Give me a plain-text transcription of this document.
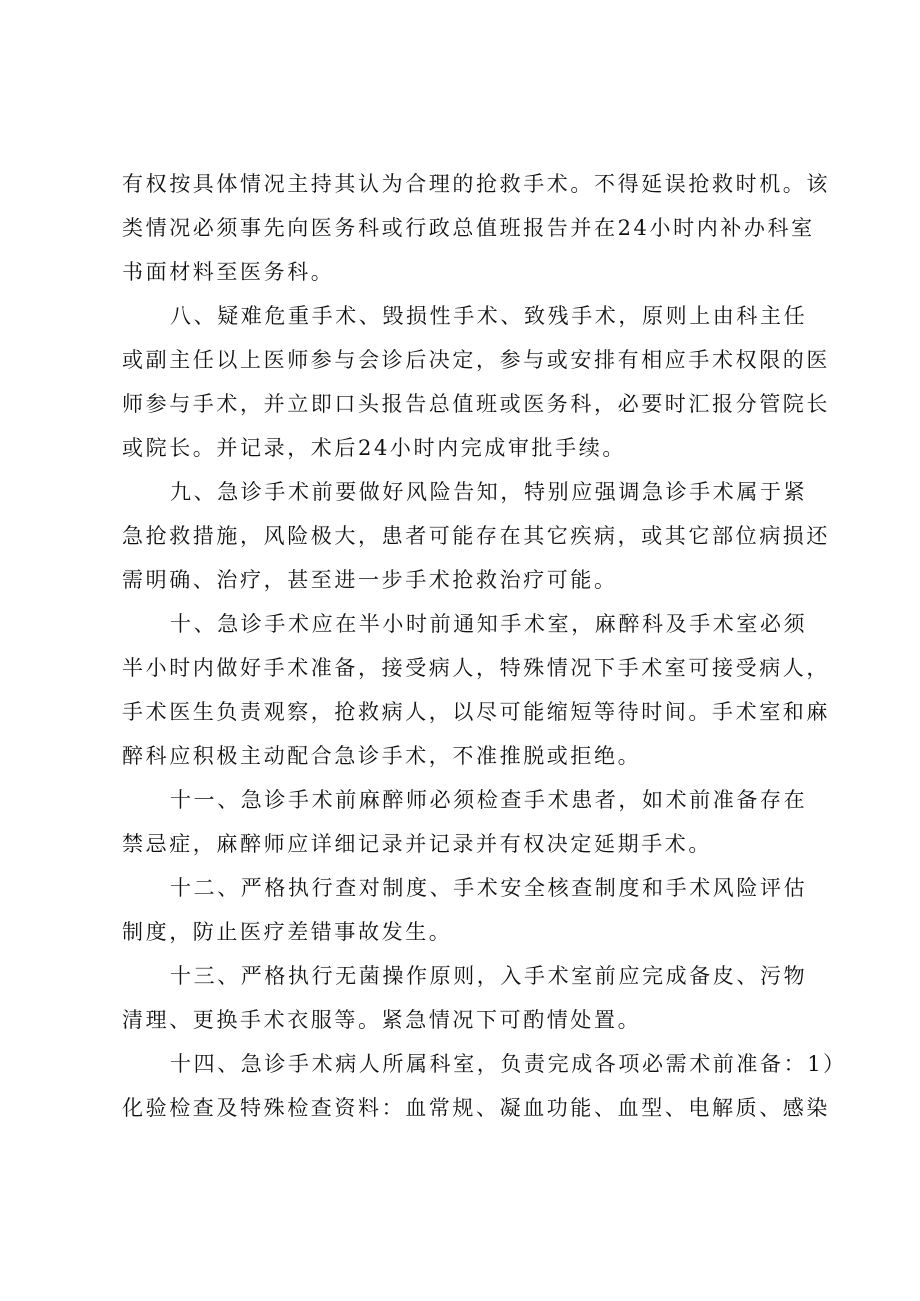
有权按具体情况主持其认为合理的抢救手术。不得延误抢救时机。该
类情况必须事先向医务科或行政总值班报告并在24小时内补办科室
书面材料至医务科。
八、疑难危重手术、毁损性手术、致残手术，原则上由科主任
或副主任以上医师参与会诊后决定，参与或安排有相应手术权限的医
师参与手术，并立即口头报告总值班或医务科，必要时汇报分管院长
或院长。并记录，术后24小时内完成审批手续。
九、急诊手术前要做好风险告知，特别应强调急诊手术属于紧
急抢救措施，风险极大，患者可能存在其它疾病，或其它部位病损还
需明确、治疗，甚至进一步手术抢救治疗可能。
十、急诊手术应在半小时前通知手术室，麻醉科及手术室必须
半小时内做好手术准备，接受病人，特殊情况下手术室可接受病人，
手术医生负责观察，抢救病人，以尽可能缩短等待时间。手术室和麻
醉科应积极主动配合急诊手术，不准推脱或拒绝。
十一、急诊手术前麻醉师必须检查手术患者，如术前准备存在
禁忌症，麻醉师应详细记录并记录并有权决定延期手术。
十二、严格执行查对制度、手术安全核查制度和手术风险评估
制度，防止医疗差错事故发生。
十三、严格执行无菌操作原则，入手术室前应完成备皮、污物
清理、更换手术衣服等。紧急情况下可酌情处置。
十四、急诊手术病人所属科室，负责完成各项必需术前准备：1）
化验检查及特殊检查资料：血常规、凝血功能、血型、电解质、感染
